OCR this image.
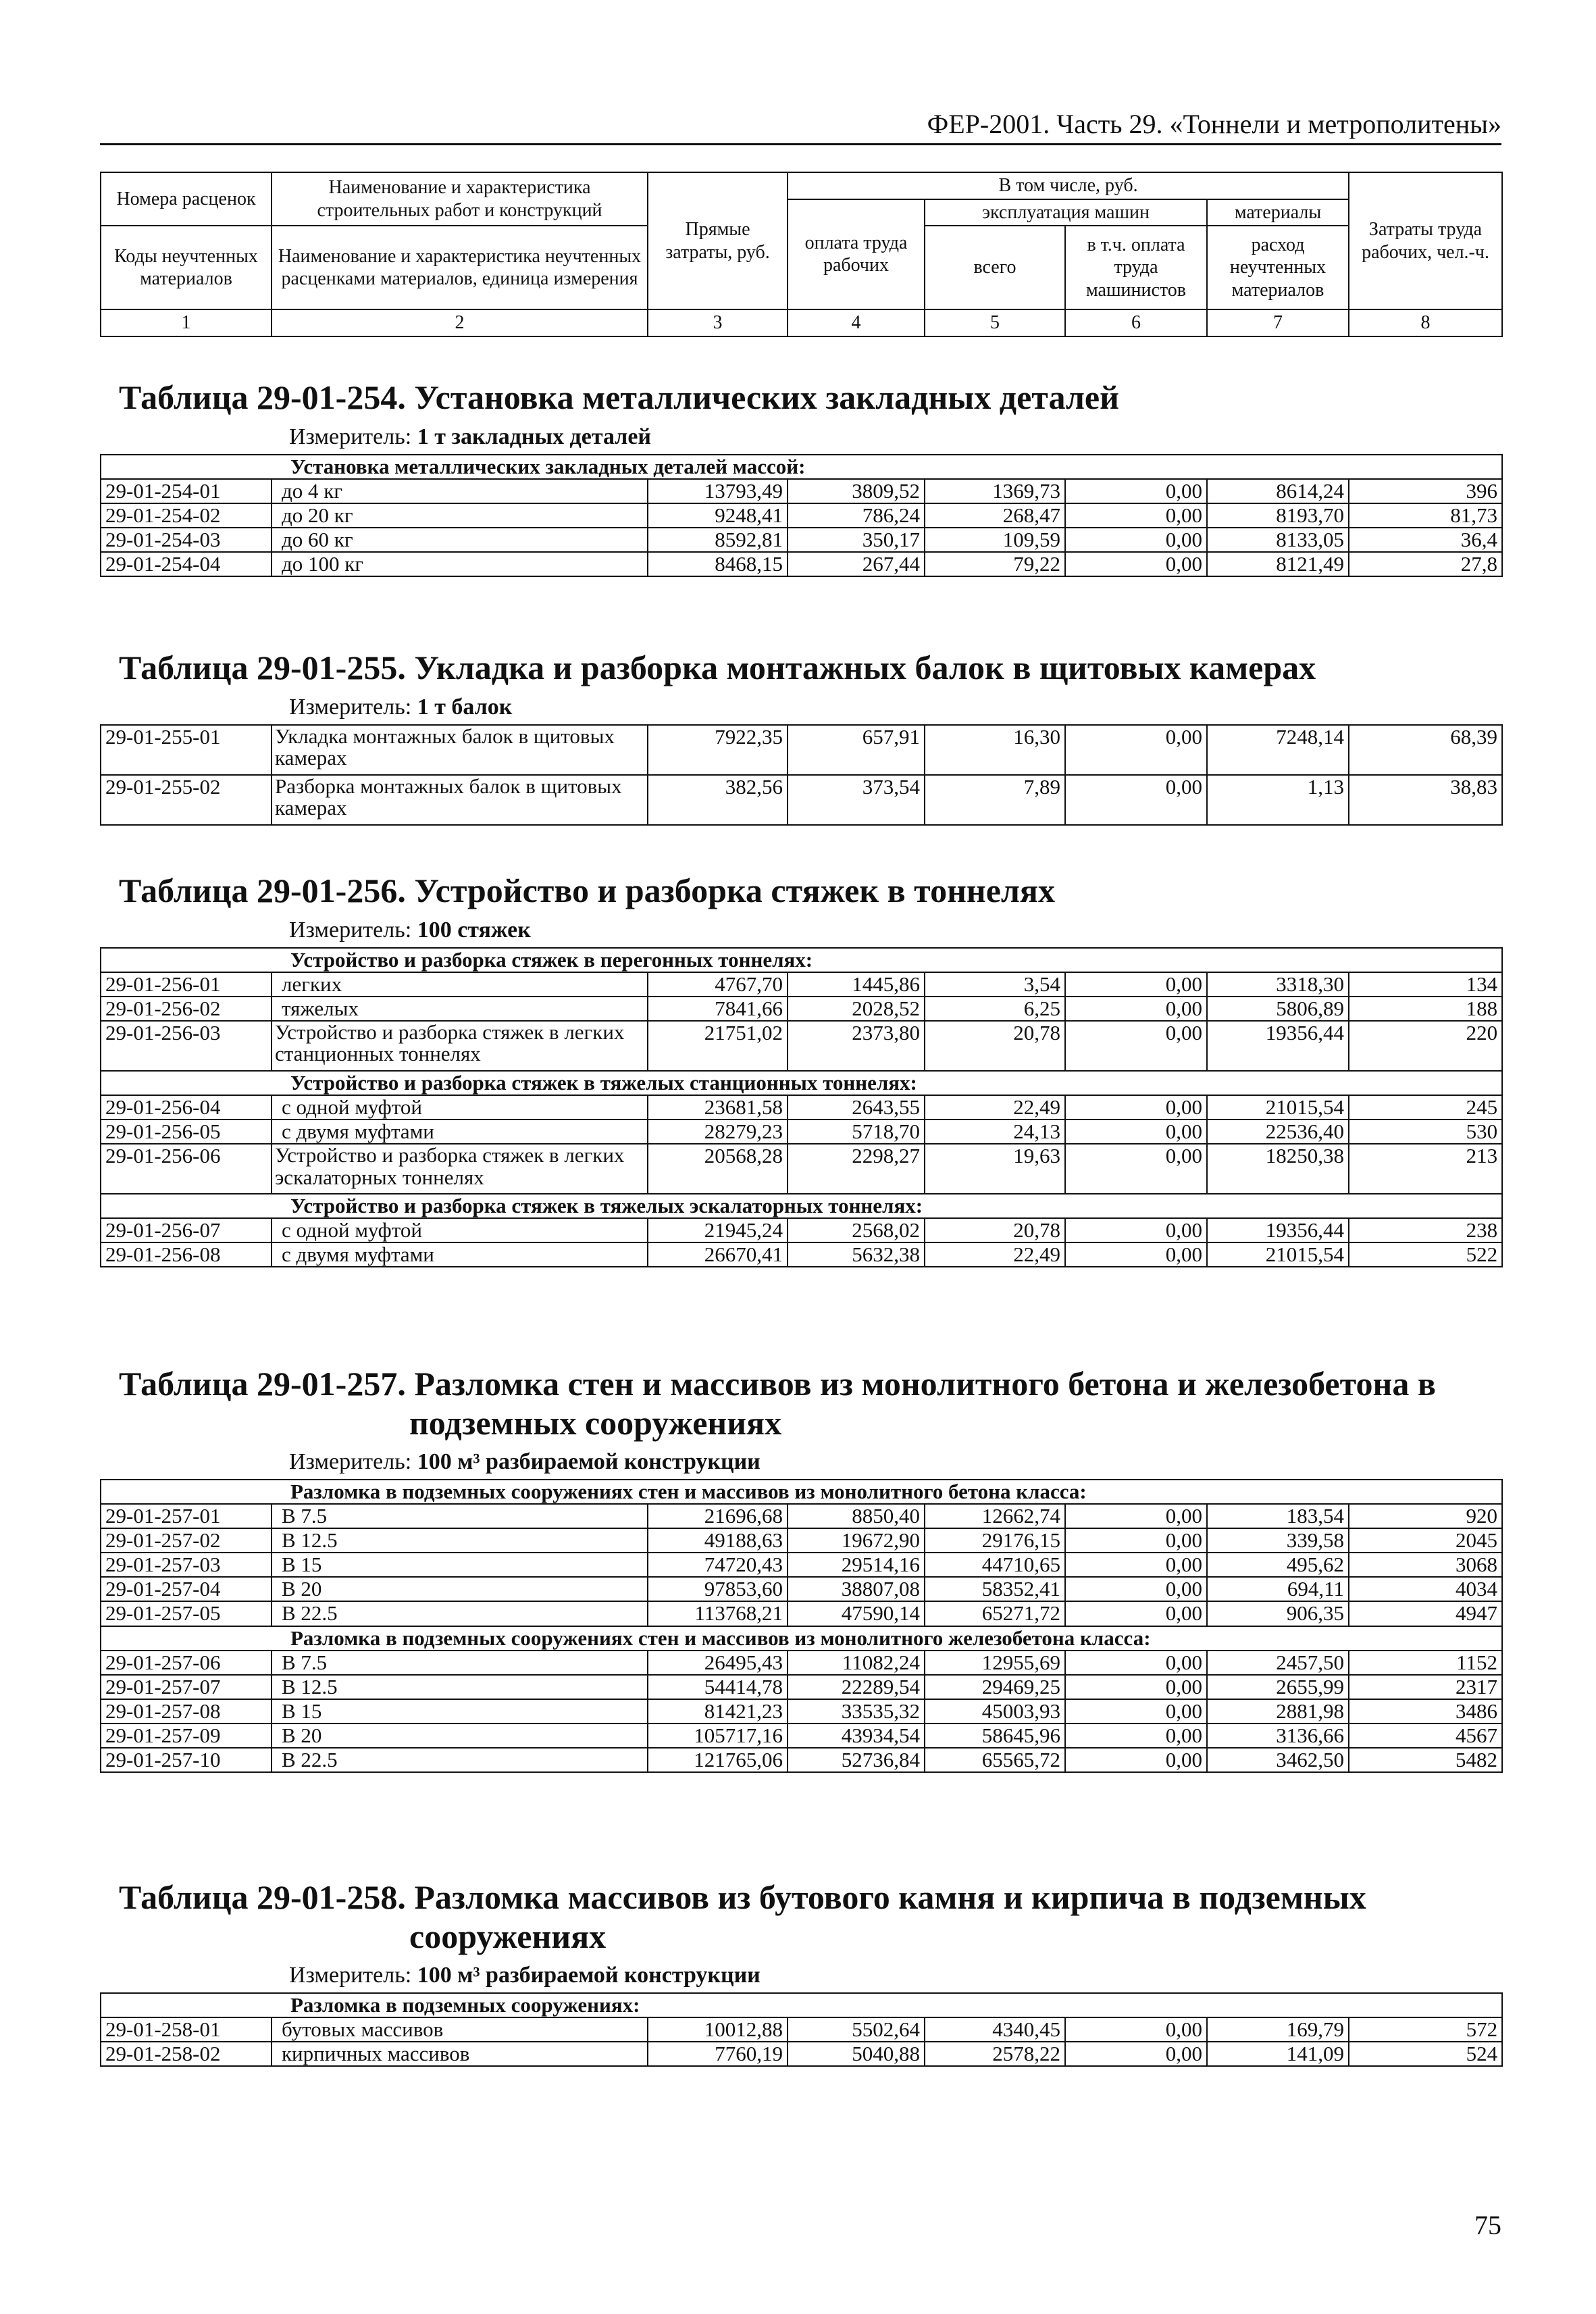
ФЕР-2001. Часть 29. «Тоннели и метрополитены»
Номера расценок	Наименование и характеристика строительных работ и конструкций	Прямые затраты, руб.	В том числе, руб.				Затраты труда рабочих, чел.-ч.
			оплата труда рабочих	эксплуатация машин		материалы	
Коды неучтенных материалов	Наименование и характеристика неучтенных расценками материалов, единица измерения			всего	в т.ч. оплата труда машинистов	расход неучтенных материалов	

1	2	3	4	5	6	7	8
Таблица 29-01-254. Установка металлических закладных деталей
Измеритель: 1 т закладных деталей
Установка металлических закладных деталей массой:							
29-01-254-01	до 4 кг	13793,49	3809,52	1369,73	0,00	8614,24	396
29-01-254-02	до 20 кг	9248,41	786,24	268,47	0,00	8193,70	81,73
29-01-254-03	до 60 кг	8592,81	350,17	109,59	0,00	8133,05	36,4
29-01-254-04	до 100 кг	8468,15	267,44	79,22	0,00	8121,49	27,8
Таблица 29-01-255. Укладка и разборка монтажных балок в щитовых камерах
Измеритель: 1 т балок
29-01-255-01	Укладка монтажных балок в щитовых камерах	7922,35	657,91	16,30	0,00	7248,14	68,39
29-01-255-02	Разборка монтажных балок в щитовых камерах	382,56	373,54	7,89	0,00	1,13	38,83
Таблица 29-01-256. Устройство и разборка стяжек в тоннелях
Измеритель: 100 стяжек
Устройство и разборка стяжек в перегонных тоннелях:							
29-01-256-01	легких	4767,70	1445,86	3,54	0,00	3318,30	134
29-01-256-02	тяжелых	7841,66	2028,52	6,25	0,00	5806,89	188
29-01-256-03	Устройство и разборка стяжек в легких станционных тоннелях	21751,02	2373,80	20,78	0,00	19356,44	220
Устройство и разборка стяжек в тяжелых станционных тоннелях:							
29-01-256-04	с одной муфтой	23681,58	2643,55	22,49	0,00	21015,54	245
29-01-256-05	с двумя муфтами	28279,23	5718,70	24,13	0,00	22536,40	530
29-01-256-06	Устройство и разборка стяжек в легких эскалаторных тоннелях	20568,28	2298,27	19,63	0,00	18250,38	213
Устройство и разборка стяжек в тяжелых эскалаторных тоннелях:							
29-01-256-07	с одной муфтой	21945,24	2568,02	20,78	0,00	19356,44	238
29-01-256-08	с двумя муфтами	26670,41	5632,38	22,49	0,00	21015,54	522
Таблица 29-01-257. Разломка стен и массивов из монолитного бетона и железобетона в
подземных сооружениях
Измеритель: 100 м³ разбираемой конструкции
Разломка в подземных сооружениях стен и массивов из монолитного бетона класса:							
29-01-257-01	В 7.5	21696,68	8850,40	12662,74	0,00	183,54	920
29-01-257-02	В 12.5	49188,63	19672,90	29176,15	0,00	339,58	2045
29-01-257-03	В 15	74720,43	29514,16	44710,65	0,00	495,62	3068
29-01-257-04	В 20	97853,60	38807,08	58352,41	0,00	694,11	4034
29-01-257-05	В 22.5	113768,21	47590,14	65271,72	0,00	906,35	4947
Разломка в подземных сооружениях стен и массивов из монолитного железобетона класса:							
29-01-257-06	В 7.5	26495,43	11082,24	12955,69	0,00	2457,50	1152
29-01-257-07	В 12.5	54414,78	22289,54	29469,25	0,00	2655,99	2317
29-01-257-08	В 15	81421,23	33535,32	45003,93	0,00	2881,98	3486
29-01-257-09	В 20	105717,16	43934,54	58645,96	0,00	3136,66	4567
29-01-257-10	В 22.5	121765,06	52736,84	65565,72	0,00	3462,50	5482
Таблица 29-01-258. Разломка массивов из бутового камня и кирпича в подземных
сооружениях
Измеритель: 100 м³ разбираемой конструкции
Разломка в подземных сооружениях:							
29-01-258-01	бутовых массивов	10012,88	5502,64	4340,45	0,00	169,79	572
29-01-258-02	кирпичных массивов	7760,19	5040,88	2578,22	0,00	141,09	524
75
